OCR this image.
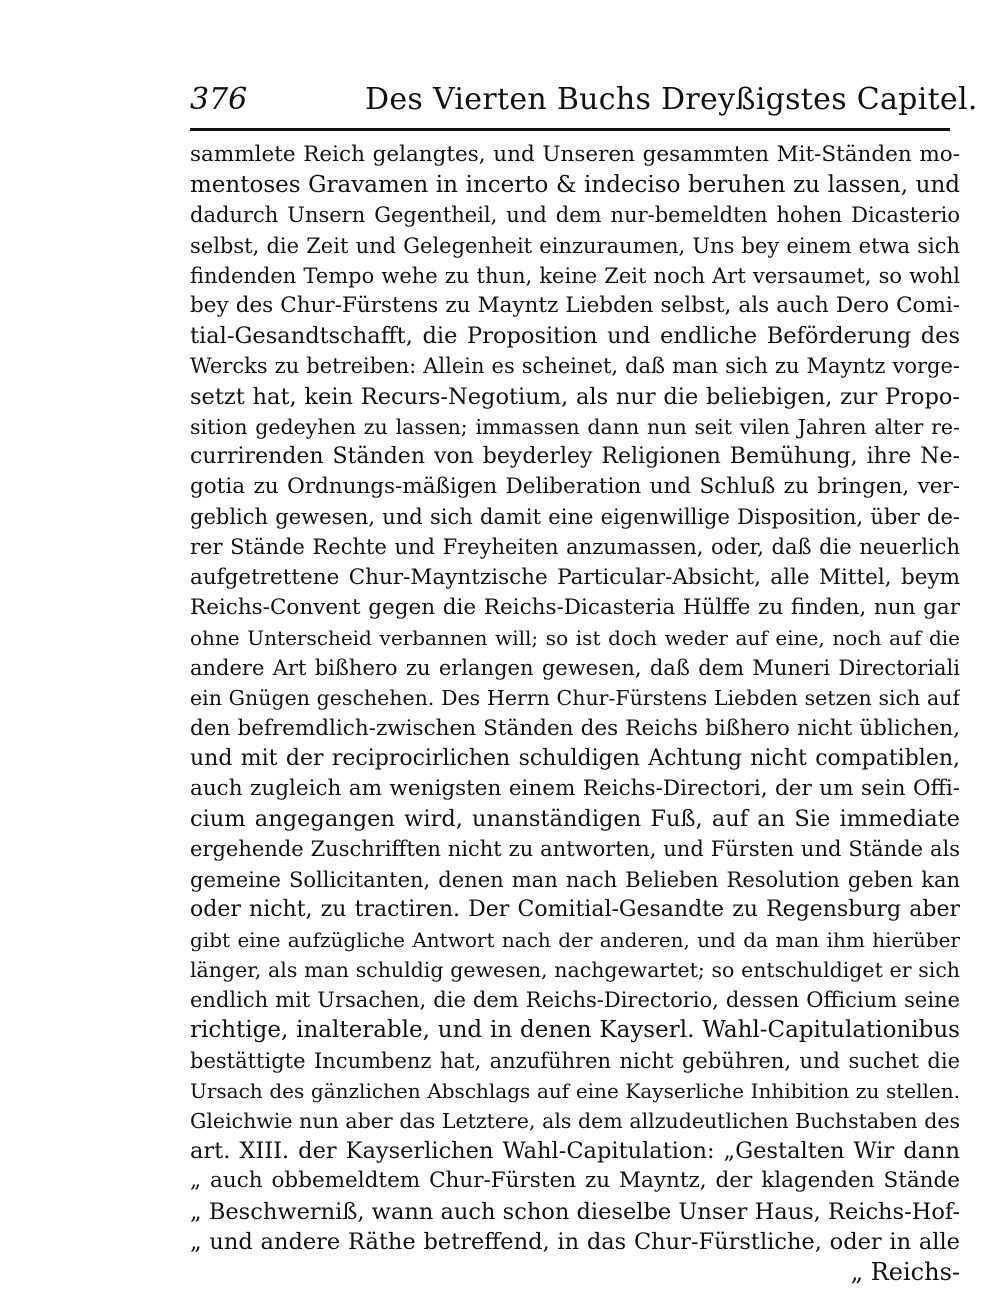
376	Des Vierten Buchs Dreyßigstes Capitel.
sammlete Reich gelangtes, und Unseren gesammten Mit-Ständen mo-
mentoses Gravamen in incerto & indeciso beruhen zu lassen, und
dadurch Unsern Gegentheil, und dem nur-bemeldten hohen Dicasterio
selbst, die Zeit und Gelegenheit einzuraumen, Uns bey einem etwa sich
findenden Tempo wehe zu thun, keine Zeit noch Art versaumet, so wohl
bey des Chur-Fürstens zu Mayntz Liebden selbst, als auch Dero Comi-
tial-Gesandtschafft, die Proposition und endliche Beförderung des
Wercks zu betreiben: Allein es scheinet, daß man sich zu Mayntz vorge-
setzt hat, kein Recurs-Negotium, als nur die beliebigen, zur Propo-
sition gedeyhen zu lassen; immassen dann nun seit vilen Jahren alter re-
currirenden Ständen von beyderley Religionen Bemühung, ihre Ne-
gotia zu Ordnungs-mäßigen Deliberation und Schluß zu bringen, ver-
geblich gewesen, und sich damit eine eigenwillige Disposition, über de-
rer Stände Rechte und Freyheiten anzumassen, oder, daß die neuerlich
aufgetrettene Chur-Mayntzische Particular-Absicht, alle Mittel, beym
Reichs-Convent gegen die Reichs-Dicasteria Hülffe zu finden, nun gar
ohne Unterscheid verbannen will; so ist doch weder auf eine, noch auf die
andere Art bißhero zu erlangen gewesen, daß dem Muneri Directoriali
ein Gnügen geschehen. Des Herrn Chur-Fürstens Liebden setzen sich auf
den befremdlich-zwischen Ständen des Reichs bißhero nicht üblichen,
und mit der reciprocirlichen schuldigen Achtung nicht compatiblen,
auch zugleich am wenigsten einem Reichs-Directori, der um sein Offi-
cium angegangen wird, unanständigen Fuß, auf an Sie immediate
ergehende Zuschrifften nicht zu antworten, und Fürsten und Stände als
gemeine Sollicitanten, denen man nach Belieben Resolution geben kan
oder nicht, zu tractiren. Der Comitial-Gesandte zu Regensburg aber
gibt eine aufzügliche Antwort nach der anderen, und da man ihm hierüber
länger, als man schuldig gewesen, nachgewartet; so entschuldiget er sich
endlich mit Ursachen, die dem Reichs-Directorio, dessen Officium seine
richtige, inalterable, und in denen Kayserl. Wahl-Capitulationibus
bestättigte Incumbenz hat, anzuführen nicht gebühren, und suchet die
Ursach des gänzlichen Abschlags auf eine Kayserliche Inhibition zu stellen.
Gleichwie nun aber das Letztere, als dem allzudeutlichen Buchstaben des
art. XIII. der Kayserlichen Wahl-Capitulation: „Gestalten Wir dann
„ auch obbemeldtem Chur-Fürsten zu Mayntz, der klagenden Stände
„ Beschwerniß, wann auch schon dieselbe Unser Haus, Reichs-Hof-
„ und andere Räthe betreffend, in das Chur-Fürstliche, oder in alle
„ Reichs-
